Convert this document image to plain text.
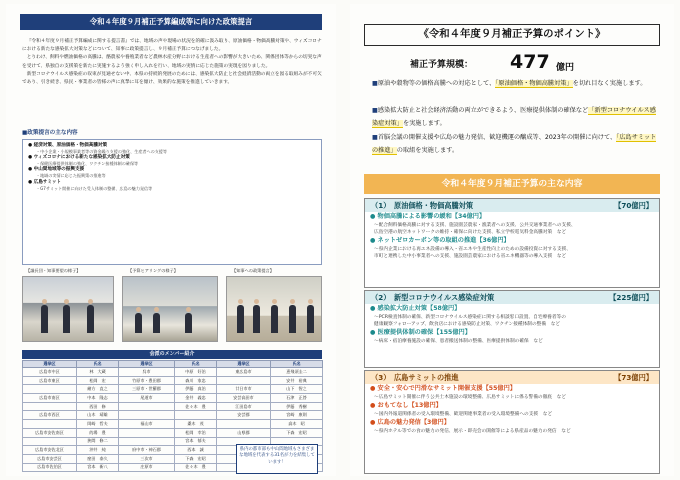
令和４年度９月補正予算編成等に向けた政策提言

『令和４年度９月補正予算編成に関する提言書』では、地域の声や現場の状況を的確に汲み取り、原油価格・物価高騰対策や、ウィズコロナにおける新たな感染拡大対策などについて、知事に政策提言し、９月補正予算につなげました。

とりわけ、飼料や燃油価格の高騰は、酪農家や養殖業者など農林水産分野における生産者への影響が大きいため、関係団体等からの切実な声を受けて、県独自の支援策を新たに実施するよう強く申し入れを行い、地域の実情に応じた施策の実現を図りました。

新型コロナウイルス感染症の収束が見通せない中、本県の持続的発展のためには、感染拡大防止と社会経済活動の両立を図る取組みが不可欠であり、引き続き、県民・事業者の皆様の声に真摯に耳を傾け、効果的な施策を推進していきます。

■政策提言の主な内容
● 経済対策、原油価格・物価高騰対策
・中小企業・小規模事業者等の資金繰り支援の強化、生産者への支援等
● ウィズコロナにおける新たな感染拡大防止対策
・保健医療提供体制の強化、ワクチン接種体制の確保等
● 中山間地域等の振興支援
・地域の実情に応じた振興策の推進等
● 広島サミット
・G7サミット開催に向けた受入体制の整備、広島の魅力発信等
【議長団・知事要望の様子】	【予算ヒアリングの様子】	【知事への政策提言】
会派のメンバー紹介
選挙区	氏名	選挙区	氏名	選挙区	氏名
広島市中区	林　大蔵	呉市	中原　好治	東広島市	恵飛須圭二
広島市東区	松岡　宏	竹原市・豊田郡	森川　家忠		安井　裕典
	緒方　直之	三原市・世羅郡	伊藤　真治	廿日市市	山下　智之
広島市南区	中本　隆志	尾道市	金井　義忠	安芸高田市	石津　正啓
	西田　修		佐々木　豊	江田島市	伊藤　秀樹
広島市西区	山木　靖雄			安芸郡	宮崎　康則
	岡崎　哲夫	福山市	桑木　茂		高木　昭
広島市安佐南区	的場　豊		松岡　幸治	山県郡	下森　宏昭
	狭間　修二		宮本　郁夫		
広島市安佐北区	沖井　純	府中市・神石郡	西本　誠		
広島市安芸区	窪田　泰久	三次市	下森　宏昭		
広島市佐伯区	宮本　新八	庄原市	佐々木　豊		
県内の都市部も中山間地域もさまざまな地域を代表する31名が力を結集しています！
《令和４年度９月補正予算のポイント》
補正予算規模： 477 億円
■原油や穀物等の価格高騰への対応として、「原油価格・物価高騰対策」を切れ目なく実施します。
■感染拡大防止と社会経済活動の両立ができるよう、医療提供体制の確保など「新型コロナウイルス感染症対策」を実施します。
■首脳会議の開催支援や広島の魅力発信、歓迎機運の醸成等、2023年の開催に向けて、「広島サミットの推進」の取組を実施します。
令和４年度９月補正予算の主な内容
（1）　原油価格・物価高騰対策	【70億円】
● 物価高騰による影響の緩和【34億円】
〜配合飼料価格高騰に対する支援、施設園芸農家・漁業者への支援、公共交通事業者への支援、
広島空港の航空ネットワークの維持・確保に向けた支援、私立学校電気料金高騰対策　など
● ネットゼロカーボン等の取組の推進【36億円】
〜県内企業における再エネ設備の導入・省エネや生産性向上のための設備投資に対する支援、
市町と連携した中小事業者への支援、施設園芸農家における省エネ機器等の導入支援　など
（2）　新型コロナウイルス感染症対策	【225億円】
● 感染拡大防止対策【58億円】
〜PCR検査体制の確保、新型コロナウイルス感染症に関する相談窓口設置、自宅療養者等の
健康観察フォローアップ、飲食店における感染防止対策、ワクチン接種体制の整備　など
● 医療提供体制の確保【155億円】
〜病床・宿泊療養施設の確保、患者搬送体制の整備、医療提供体制の確保　など
（3）　広島サミットの推進	【73億円】
● 安全・安心で円滑なサミット開催支援【55億円】
〜広島サミット開催に伴う公共土木施設の環境整備、広島サミットに係る警備の徹底　など
● おもてなし【13億円】
〜国内外報道関係者の受入環境整備、歓迎関連事業者の受入環境整備への支援　など
● 広島の魅力発信【3億円】
〜県内ホテル等での食の魅力の発信、展示・即売会の開催等による県産品の魅力の発信　など
